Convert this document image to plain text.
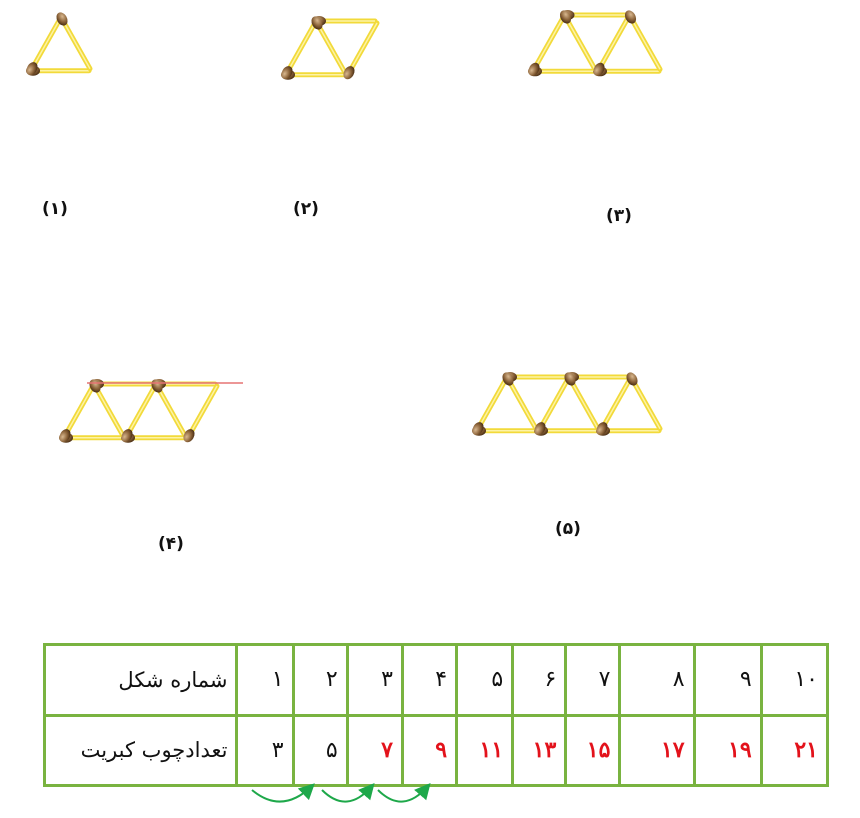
(۱)	(۲)	(۳)
(۴)
(۵)
شماره شکل	۱	۲	۳	۴	۵	۶	۷	۸	۹	۱۰
تعدادچوب کبریت	۳	۵	۷	۹	۱۱	۱۳	۱۵	۱۷	۱۹	۲۱
